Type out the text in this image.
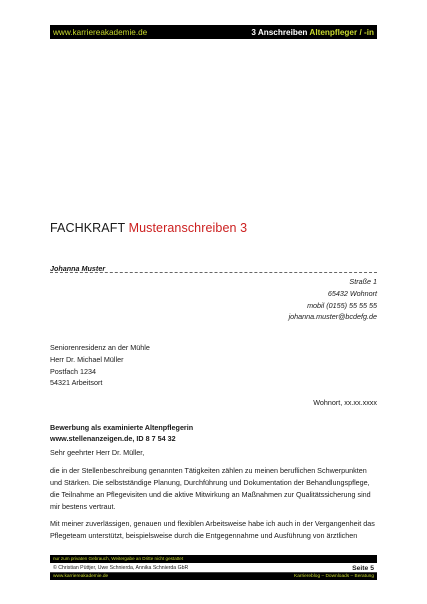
www.karriereakademie.de	3 Anschreiben Altenpfleger / -in
FACHKRAFT Musteranschreiben 3
Johanna Muster
Straße 1
65432 Wohnort
mobil (0155) 55 55 55
johanna.muster@bcdefg.de
Seniorenresidenz an der Mühle
Herr Dr. Michael Müller
Postfach 1234
54321 Arbeitsort
Wohnort, xx.xx.xxxx
Bewerbung als examinierte Altenpflegerin
www.stellenanzeigen.de, ID 8 7 54 32
Sehr geehrter Herr Dr. Müller,
die in der Stellenbeschreibung genannten Tätigkeiten zählen zu meinen beruflichen Schwerpunkten und Stärken. Die selbstständige Planung, Durchführung und Dokumentation der Behandlungspflege, die Teilnahme an Pflegevisiten und die aktive Mitwirkung an Maßnahmen zur Qualitätssicherung sind mir bestens vertraut.
Mit meiner zuverlässigen, genauen und flexiblen Arbeitsweise habe ich auch in der Vergangenheit das Pflegeteam unterstützt, beispielsweise durch die Entgegennahme und Ausführung von ärztlichen
nur zum privaten Gebrauch, Weitergabe an Dritte nicht gestattet
© Christian Püttjer, Uwe Schnierda, Annika Schnierda GbR	Seite 5
www.karriereakademie.de	Karriereblog – Downloads – Beratung
